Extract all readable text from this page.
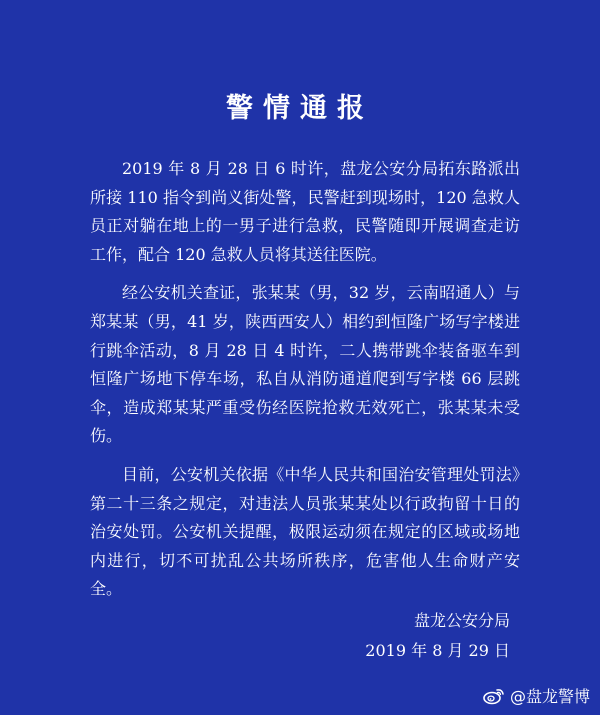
警情通报

2019 年 8 月 28 日 6 时许，盘龙公安分局拓东路派出所接 110 指令到尚义街处警，民警赶到现场时，120 急救人员正对躺在地上的一男子进行急救，民警随即开展调查走访工作，配合 120 急救人员将其送往医院。

经公安机关查证，张某某（男，32 岁，云南昭通人）与郑某某（男，41 岁，陕西西安人）相约到恒隆广场写字楼进行跳伞活动，8 月 28 日 4 时许，二人携带跳伞装备驱车到恒隆广场地下停车场，私自从消防通道爬到写字楼 66 层跳伞，造成郑某某严重受伤经医院抢救无效死亡，张某某未受伤。

目前，公安机关依据《中华人民共和国治安管理处罚法》第二十三条之规定，对违法人员张某某处以行政拘留十日的治安处罚。公安机关提醒，极限运动须在规定的区域或场地内进行，切不可扰乱公共场所秩序，危害他人生命财产安全。

盘龙公安分局
2019 年 8 月 29 日
@盘龙警博
